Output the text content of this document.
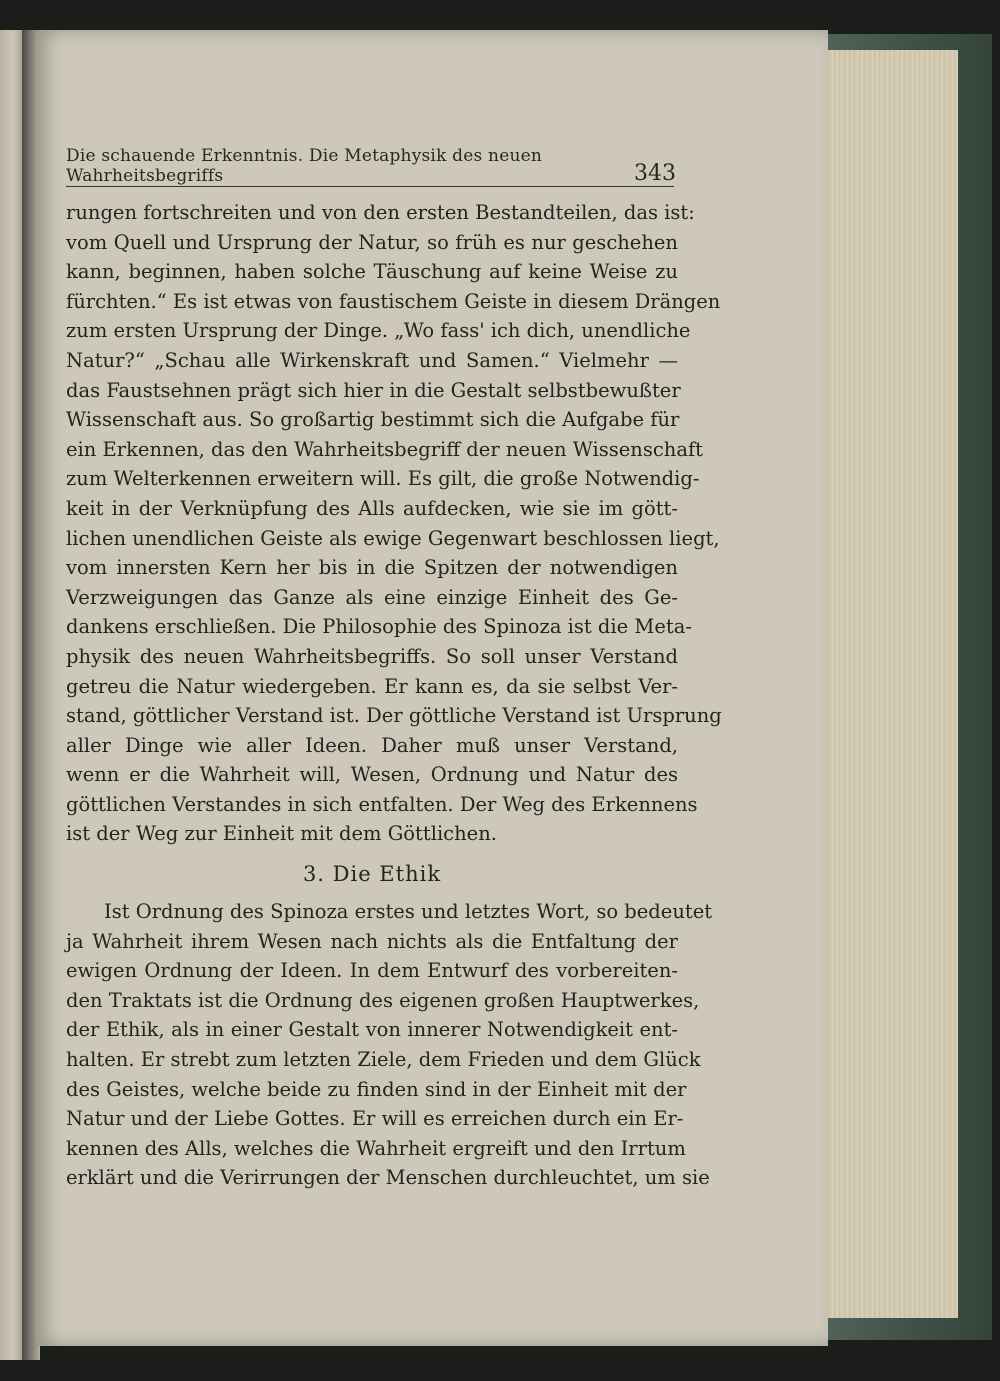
Die schauende Erkenntnis. Die Metaphysik des neuen Wahrheitsbegriffs	343
rungen fortschreiten und von den ersten Bestandteilen, das ist:
vom Quell und Ursprung der Natur, so früh es nur geschehen
kann, beginnen, haben solche Täuschung auf keine Weise zu
fürchten.“ Es ist etwas von faustischem Geiste in diesem Drängen
zum ersten Ursprung der Dinge. „Wo fass' ich dich, unendliche
Natur?“ „Schau alle Wirkenskraft und Samen.“ Vielmehr —
das Faustsehnen prägt sich hier in die Gestalt selbstbewußter
Wissenschaft aus. So großartig bestimmt sich die Aufgabe für
ein Erkennen, das den Wahrheitsbegriff der neuen Wissenschaft
zum Welterkennen erweitern will. Es gilt, die große Notwendig-
keit in der Verknüpfung des Alls aufdecken, wie sie im gött-
lichen unendlichen Geiste als ewige Gegenwart beschlossen liegt,
vom innersten Kern her bis in die Spitzen der notwendigen
Verzweigungen das Ganze als eine einzige Einheit des Ge-
dankens erschließen. Die Philosophie des Spinoza ist die Meta-
physik des neuen Wahrheitsbegriffs. So soll unser Verstand
getreu die Natur wiedergeben. Er kann es, da sie selbst Ver-
stand, göttlicher Verstand ist. Der göttliche Verstand ist Ursprung
aller Dinge wie aller Ideen. Daher muß unser Verstand,
wenn er die Wahrheit will, Wesen, Ordnung und Natur des
göttlichen Verstandes in sich entfalten. Der Weg des Erkennens
ist der Weg zur Einheit mit dem Göttlichen.
3. Die Ethik
Ist Ordnung des Spinoza erstes und letztes Wort, so bedeutet
ja Wahrheit ihrem Wesen nach nichts als die Entfaltung der
ewigen Ordnung der Ideen. In dem Entwurf des vorbereiten-
den Traktats ist die Ordnung des eigenen großen Hauptwerkes,
der Ethik, als in einer Gestalt von innerer Notwendigkeit ent-
halten. Er strebt zum letzten Ziele, dem Frieden und dem Glück
des Geistes, welche beide zu finden sind in der Einheit mit der
Natur und der Liebe Gottes. Er will es erreichen durch ein Er-
kennen des Alls, welches die Wahrheit ergreift und den Irrtum
erklärt und die Verirrungen der Menschen durchleuchtet, um sie
